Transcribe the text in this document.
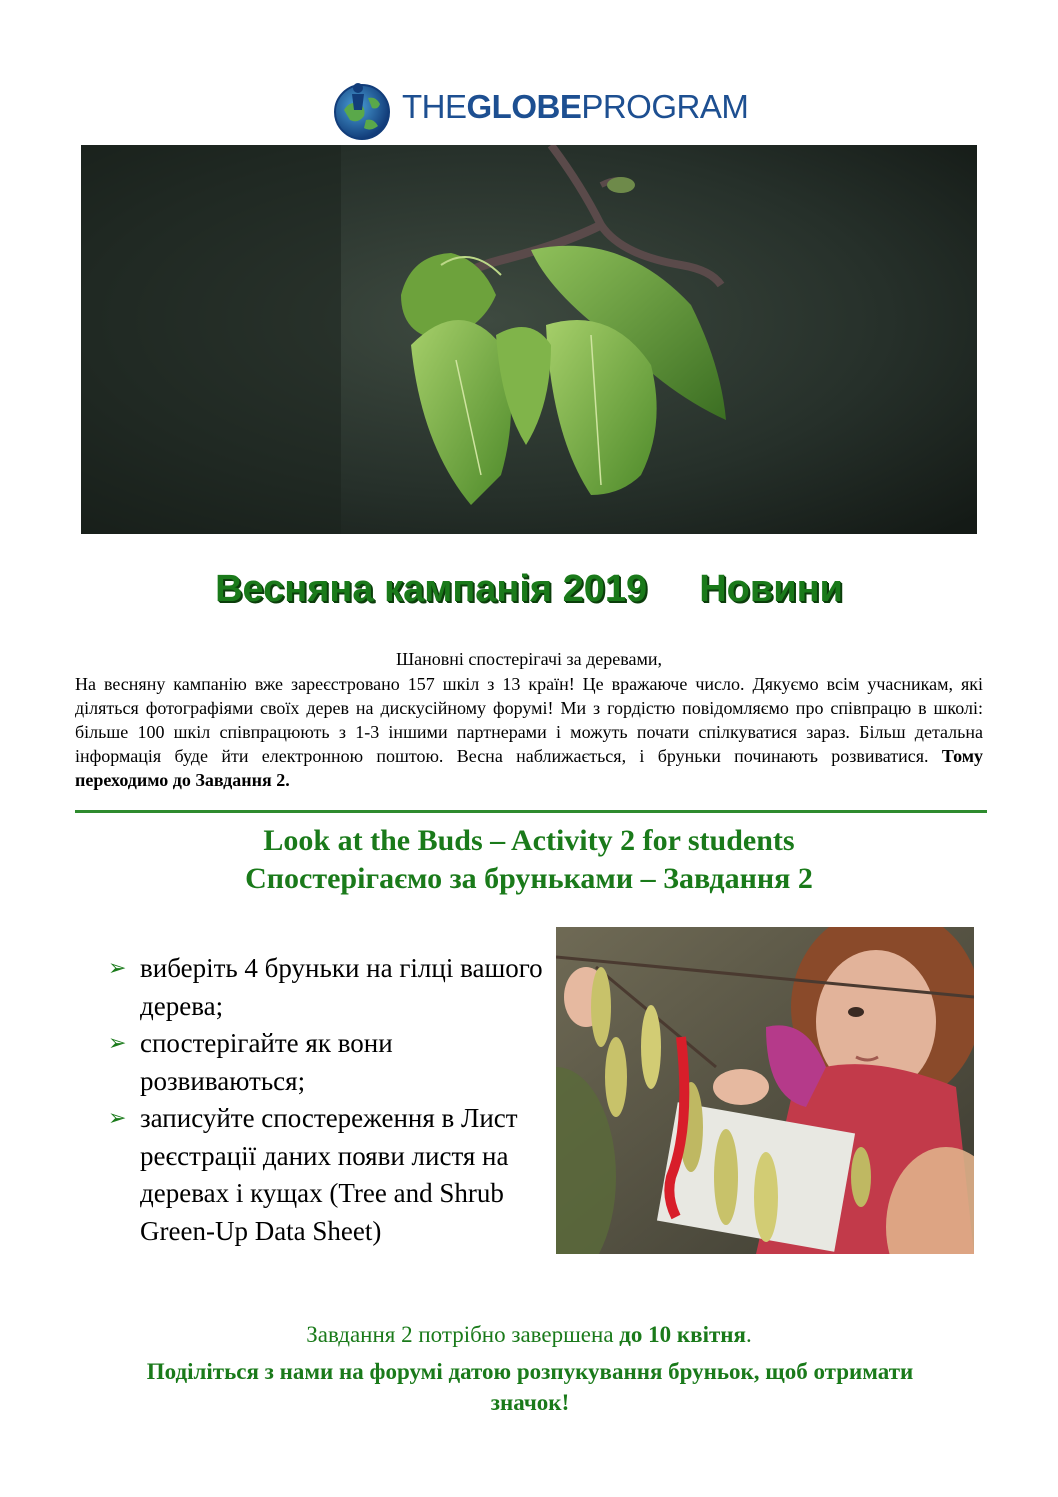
THEGLOBEPROGRAM
Весняна кампанія 2019 Новини
Шановні спостерігачі за деревами,
На весняну кампанію вже зареєстровано 157 шкіл з 13 країн! Це вражаюче число. Дякуємо всім учасникам, які діляться фотографіями своїх дерев на дискусійному форумі! Ми з гордістю повідомляємо про співпрацю в школі: більше 100 шкіл співпрацюють з 1-3 іншими партнерами і можуть почати спілкуватися зараз. Більш детальна інформація буде йти електронною поштою. Весна наближається, і бруньки починають розвиватися. Тому переходимо до Завдання 2.
Look at the Buds – Activity 2 for students
Спостерігаємо за бруньками – Завдання 2
➢ виберіть 4 бруньки на гілці вашого дерева;
➢ спостерігайте як вони розвиваються;
➢ записуйте спостереження в Лист реєстрації даних появи листя на деревах і кущах (Tree and Shrub Green-Up Data Sheet)
Завдання 2 потрібно завершена до 10 квітня.
Поділіться з нами на форумі датою розпукування бруньок, щоб отримати значок!
